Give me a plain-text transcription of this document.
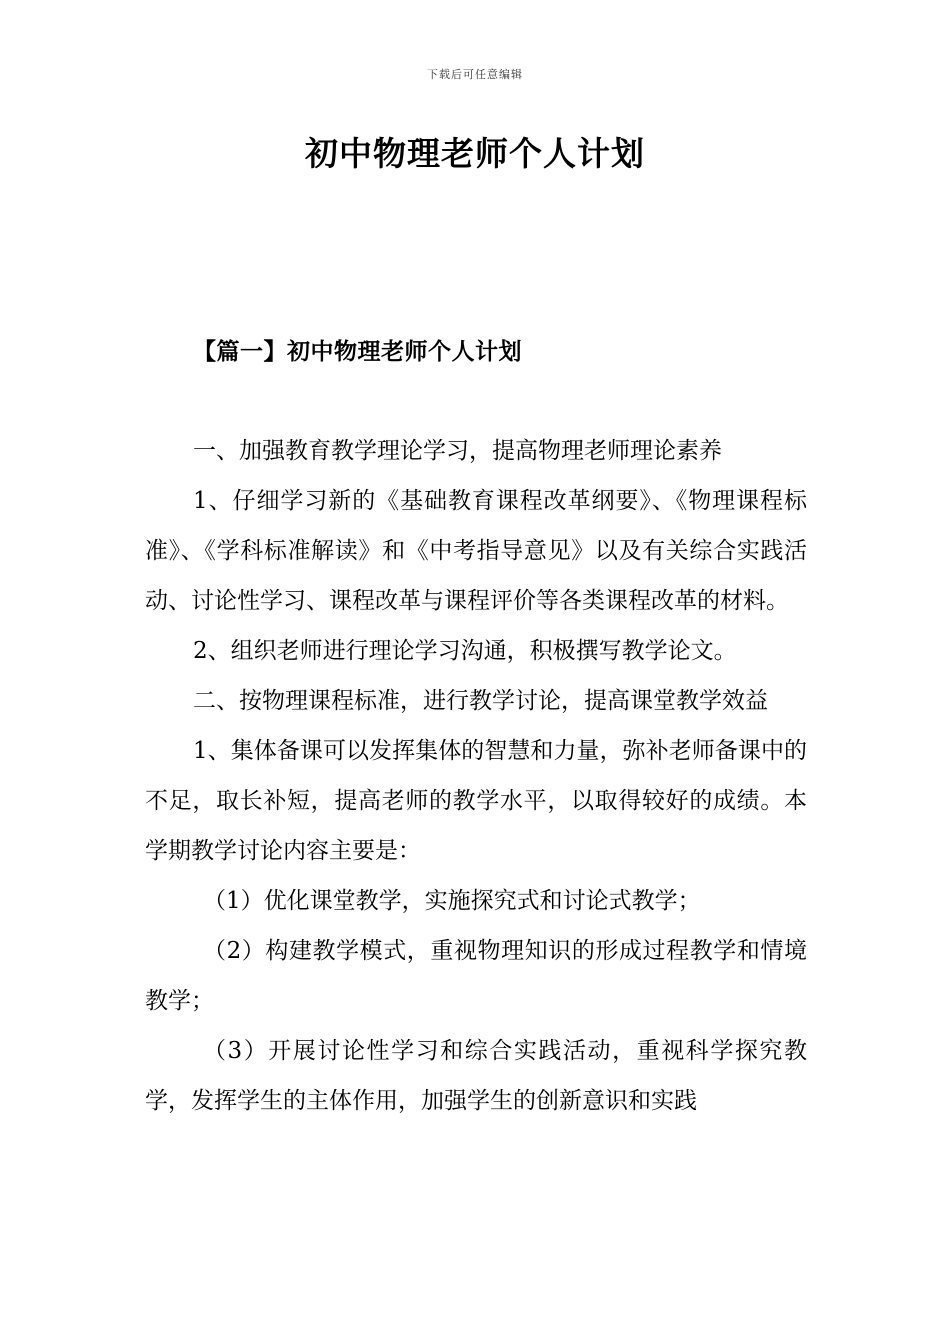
下载后可任意编辑
初中物理老师个人计划
【篇一】初中物理老师个人计划

一、加强教育教学理论学习，提高物理老师理论素养

1、仔细学习新的《基础教育课程改革纲要》、《物理课程标准》、《学科标准解读》和《中考指导意见》以及有关综合实践活动、讨论性学习、课程改革与课程评价等各类课程改革的材料。

2、组织老师进行理论学习沟通，积极撰写教学论文。

二、按物理课程标准，进行教学讨论，提高课堂教学效益

1、集体备课可以发挥集体的智慧和力量，弥补老师备课中的不足，取长补短，提高老师的教学水平，以取得较好的成绩。本学期教学讨论内容主要是：

（1）优化课堂教学，实施探究式和讨论式教学；

（2）构建教学模式，重视物理知识的形成过程教学和情境教学；

（3）开展讨论性学习和综合实践活动，重视科学探究教学，发挥学生的主体作用，加强学生的创新意识和实践
